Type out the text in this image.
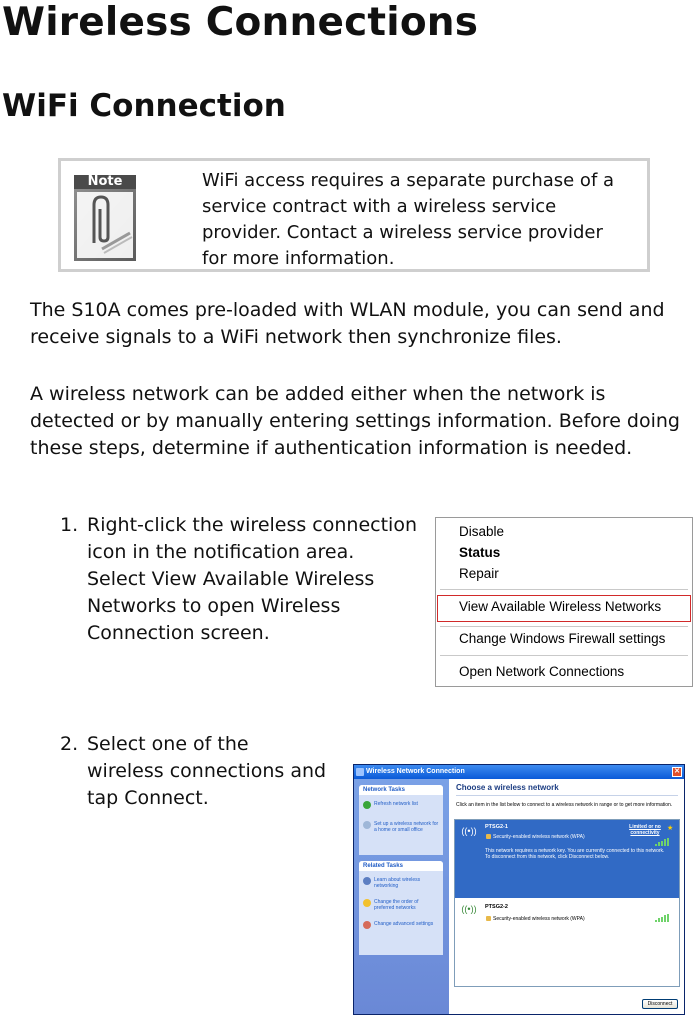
Wireless Connections
WiFi Connection
Note	WiFi access requires a separate purchase of a service contract with a wireless service provider. Contact a wireless service provider for more information.
The S10A comes pre-loaded with WLAN module, you can send and receive signals to a WiFi network then synchronize files.
A wireless network can be added either when the network is detected or by manually entering settings information. Before doing these steps, determine if authentication information is needed.
1. Right-click the wireless connection icon in the notification area. Select View Available Wireless Networks to open Wireless Connection screen.
2. Select one of the wireless connections and tap Connect.
Disable
Status
Repair
View Available Wireless Networks
Change Windows Firewall settings
Open Network Connections
Wireless Network Connection	✕
Network Tasks
Refresh network list
Set up a wireless network for a home or small office
Related Tasks
Learn about wireless networking
Change the order of preferred networks
Change advanced settings
Choose a wireless network
Click an item in the list below to connect to a wireless network in range or to get more information.
((•)) PTSG2-1
Security-enabled wireless network (WPA)
Limited or no connectivity
★
This network requires a network key. You are currently connected to this network. To disconnect from this network, click Disconnect below.
((•)) PTSG2-2
Security-enabled wireless network (WPA)
Disconnect
